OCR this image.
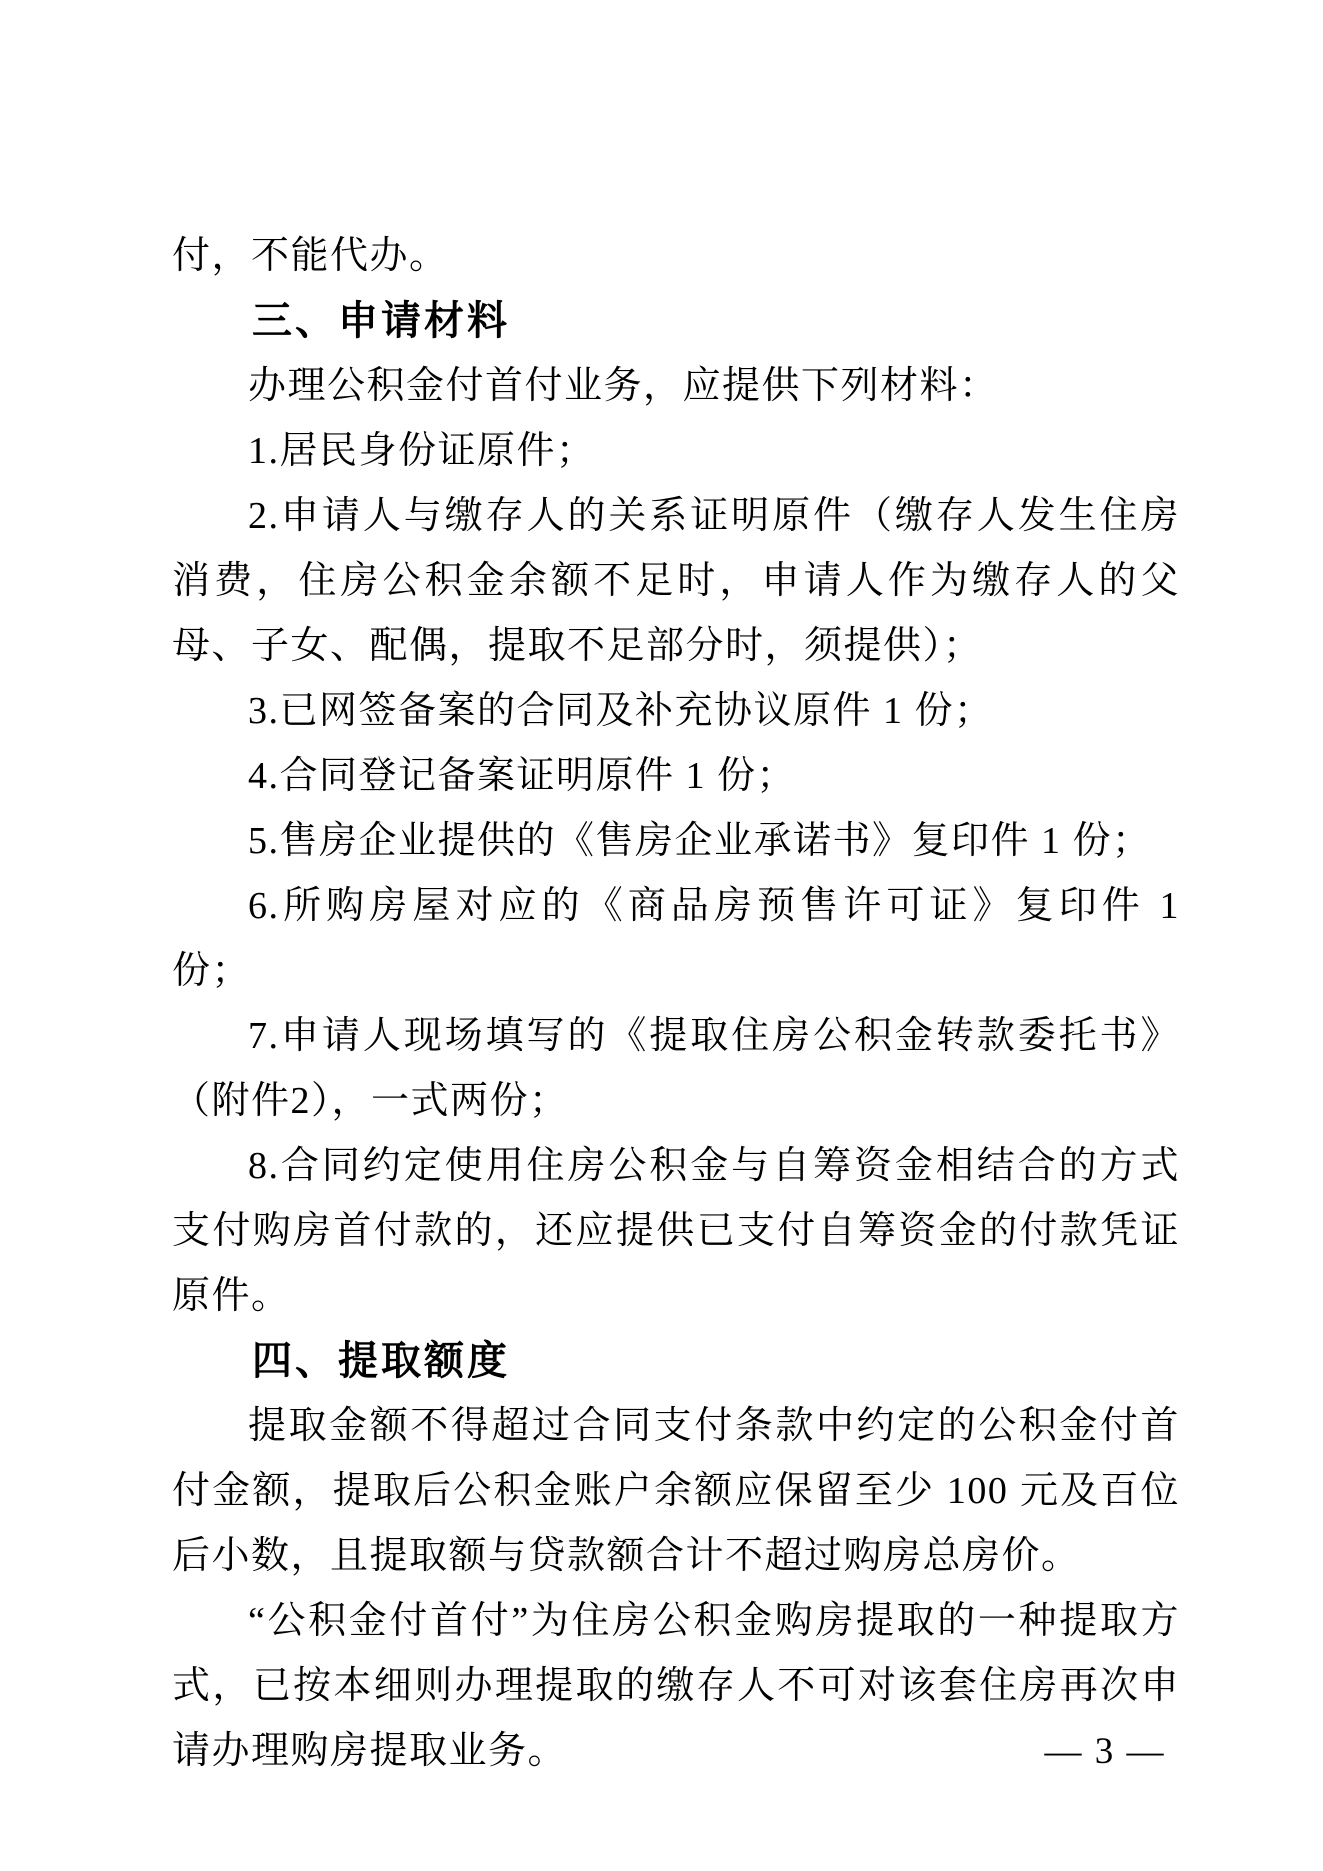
付，不能代办。

三、申请材料

办理公积金付首付业务，应提供下列材料：

1.居民身份证原件；

2.申请人与缴存人的关系证明原件（缴存人发生住房消费，住房公积金余额不足时，申请人作为缴存人的父母、子女、配偶，提取不足部分时，须提供）；

3.已网签备案的合同及补充协议原件 1 份；

4.合同登记备案证明原件 1 份；

5.售房企业提供的《售房企业承诺书》复印件 1 份；

6.所购房屋对应的《商品房预售许可证》复印件 1 份；

7.申请人现场填写的《提取住房公积金转款委托书》（附件2），一式两份；

8.合同约定使用住房公积金与自筹资金相结合的方式支付购房首付款的，还应提供已支付自筹资金的付款凭证原件。

四、提取额度

提取金额不得超过合同支付条款中约定的公积金付首付金额，提取后公积金账户余额应保留至少 100 元及百位后小数，且提取额与贷款额合计不超过购房总房价。

“公积金付首付”为住房公积金购房提取的一种提取方式，已按本细则办理提取的缴存人不可对该套住房再次申请办理购房提取业务。	— 3 —
